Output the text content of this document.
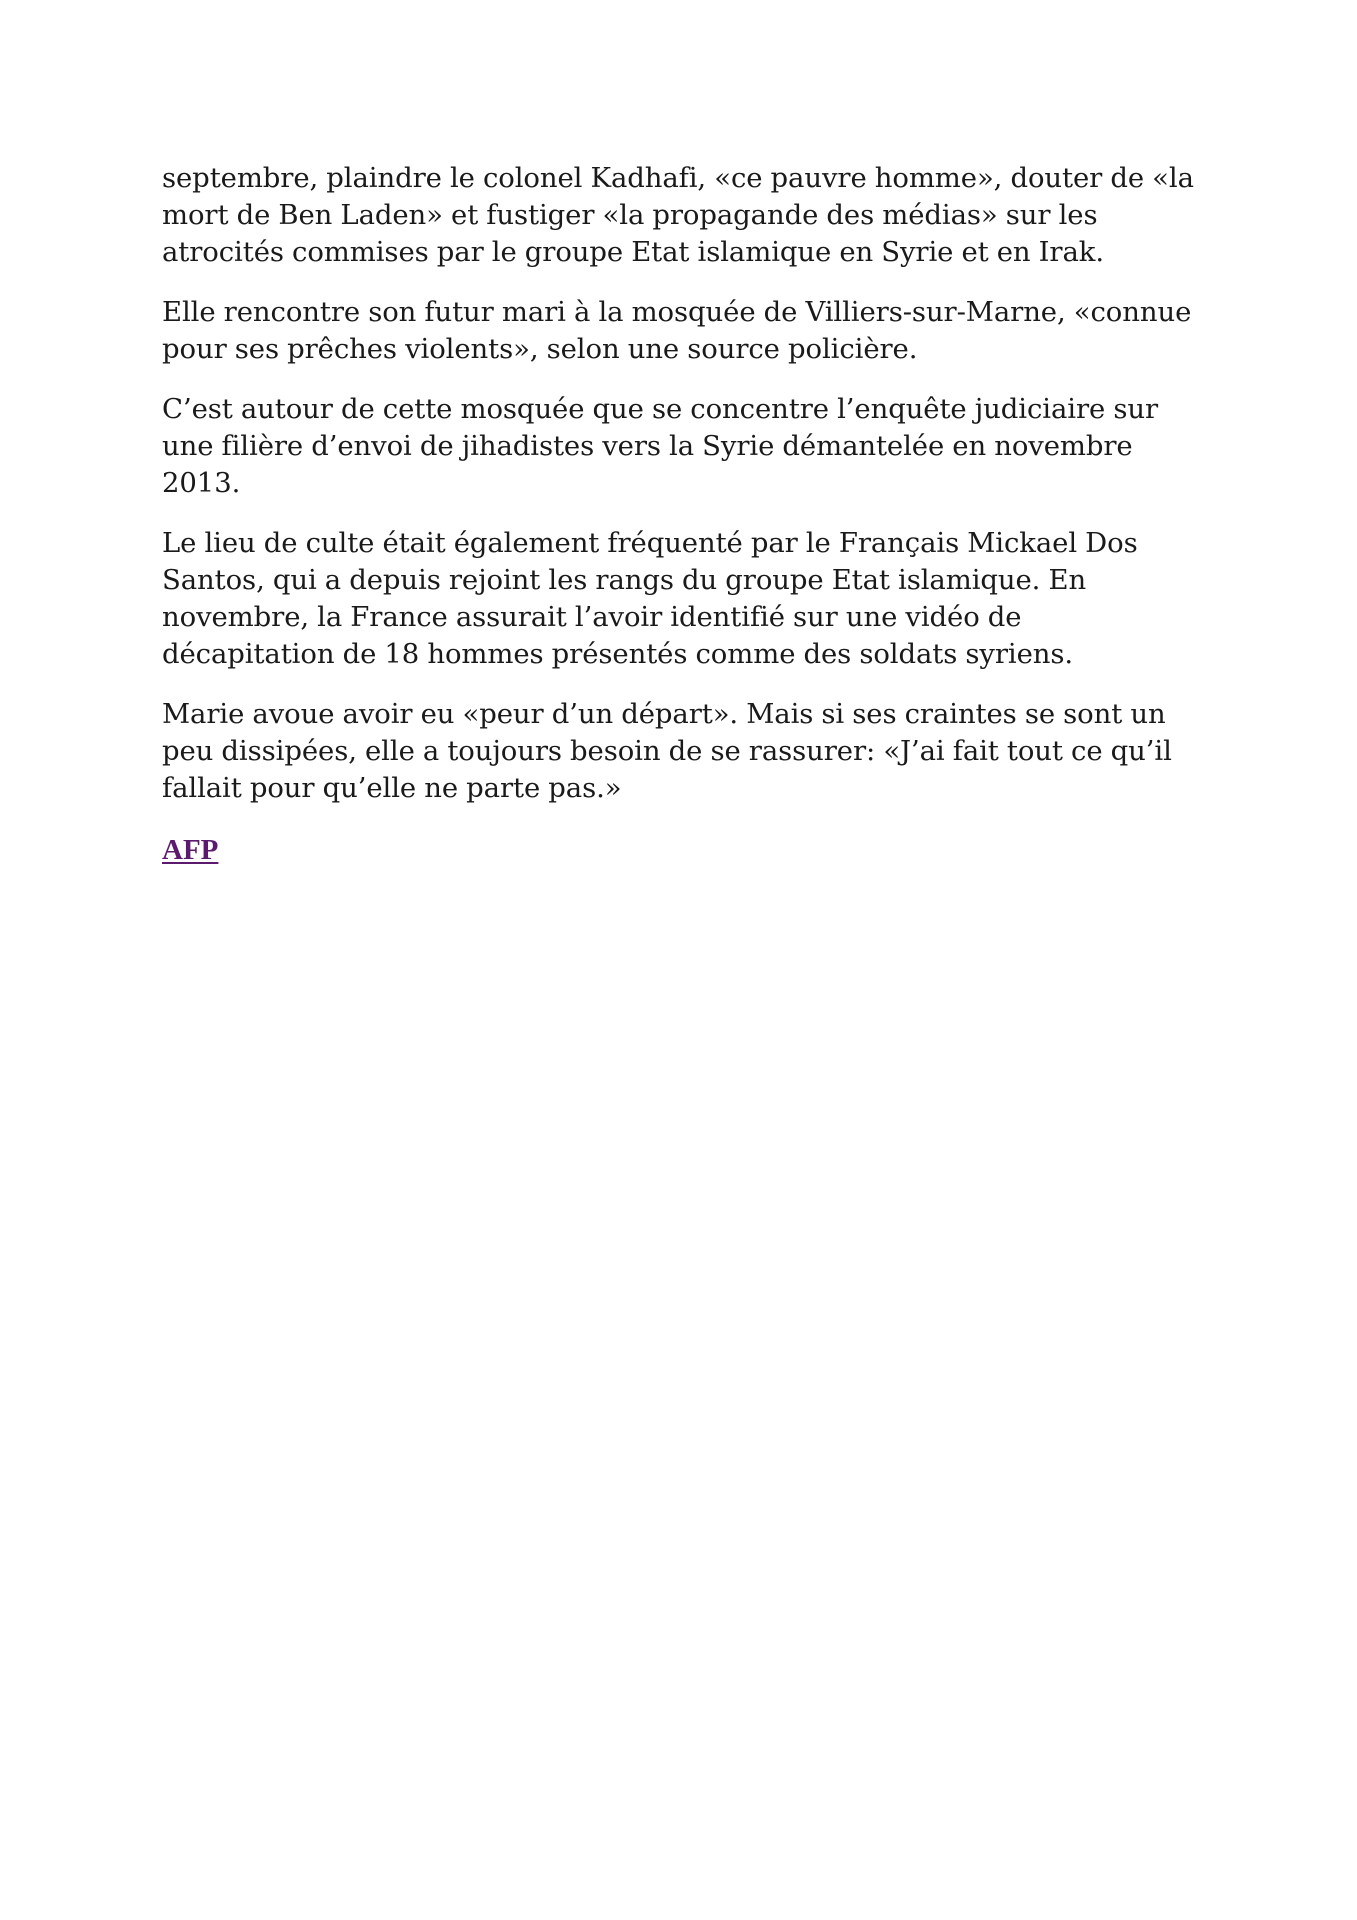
septembre, plaindre le colonel Kadhafi, «ce pauvre homme», douter de «la mort de Ben Laden» et fustiger «la propagande des médias» sur les atrocités commises par le groupe Etat islamique en Syrie et en Irak.

Elle rencontre son futur mari à la mosquée de Villiers-sur-Marne, «connue pour ses prêches violents», selon une source policière.

C’est autour de cette mosquée que se concentre l’enquête judiciaire sur une filière d’envoi de jihadistes vers la Syrie démantelée en novembre 2013.

Le lieu de culte était également fréquenté par le Français Mickael Dos Santos, qui a depuis rejoint les rangs du groupe Etat islamique. En novembre, la France assurait l’avoir identifié sur une vidéo de décapitation de 18 hommes présentés comme des soldats syriens.

Marie avoue avoir eu «peur d’un départ». Mais si ses craintes se sont un peu dissipées, elle a toujours besoin de se rassurer: «J’ai fait tout ce qu’il fallait pour qu’elle ne parte pas.»

AFP
